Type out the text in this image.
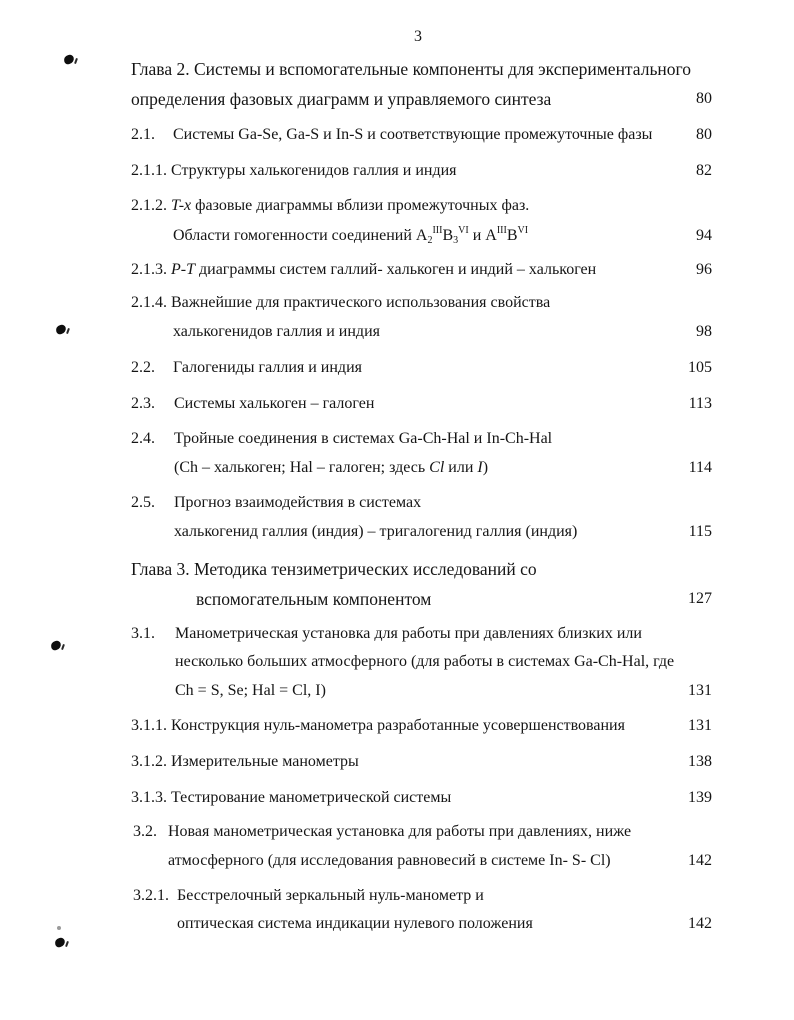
3
Глава 2. Системы и вспомогательные компоненты для экспериментального
определения фазовых диаграмм и управляемого синтеза	80
2.1. Системы Ga-Se, Ga-S и In-S и соответствующие промежуточные фазы	80
2.1.1. Структуры халькогенидов галлия и индия	82
2.1.2. T-x фазовые диаграммы вблизи промежуточных фаз.
Области гомогенности соединений $A_2^{III}B_3^{VI}$ и $A^{III}B^{VI}$	94
2.1.3. P-T диаграммы систем галлий- халькоген и индий – халькоген	96
2.1.4. Важнейшие для практического использования свойства
халькогенидов галлия и индия	98
2.2. Галогениды галлия и индия	105
2.3. Системы халькоген – галоген	113
2.4. Тройные соединения в системах Ga-Ch-Hal и In-Ch-Hal
(Ch – халькоген; Hal – галоген; здесь Cl или I)	114
2.5. Прогноз взаимодействия в системах
халькогенид галлия (индия) – тригалогенид галлия (индия)	115
Глава 3. Методика тензиметрических исследований со
вспомогательным компонентом	127
3.1. Манометрическая установка для работы при давлениях близких или
несколько больших атмосферного (для работы в системах Ga-Ch-Hal, где
Ch = S, Se; Hal = Cl, I)	131
3.1.1. Конструкция нуль-манометра разработанные усовершенствования	131
3.1.2. Измерительные манометры	138
3.1.3. Тестирование манометрической системы	139
3.2. Новая манометрическая установка для работы при давлениях, ниже
атмосферного (для исследования равновесий в системе In- S- Cl)	142
3.2.1. Бесстрелочный зеркальный нуль-манометр и
оптическая система индикации нулевого положения	142
